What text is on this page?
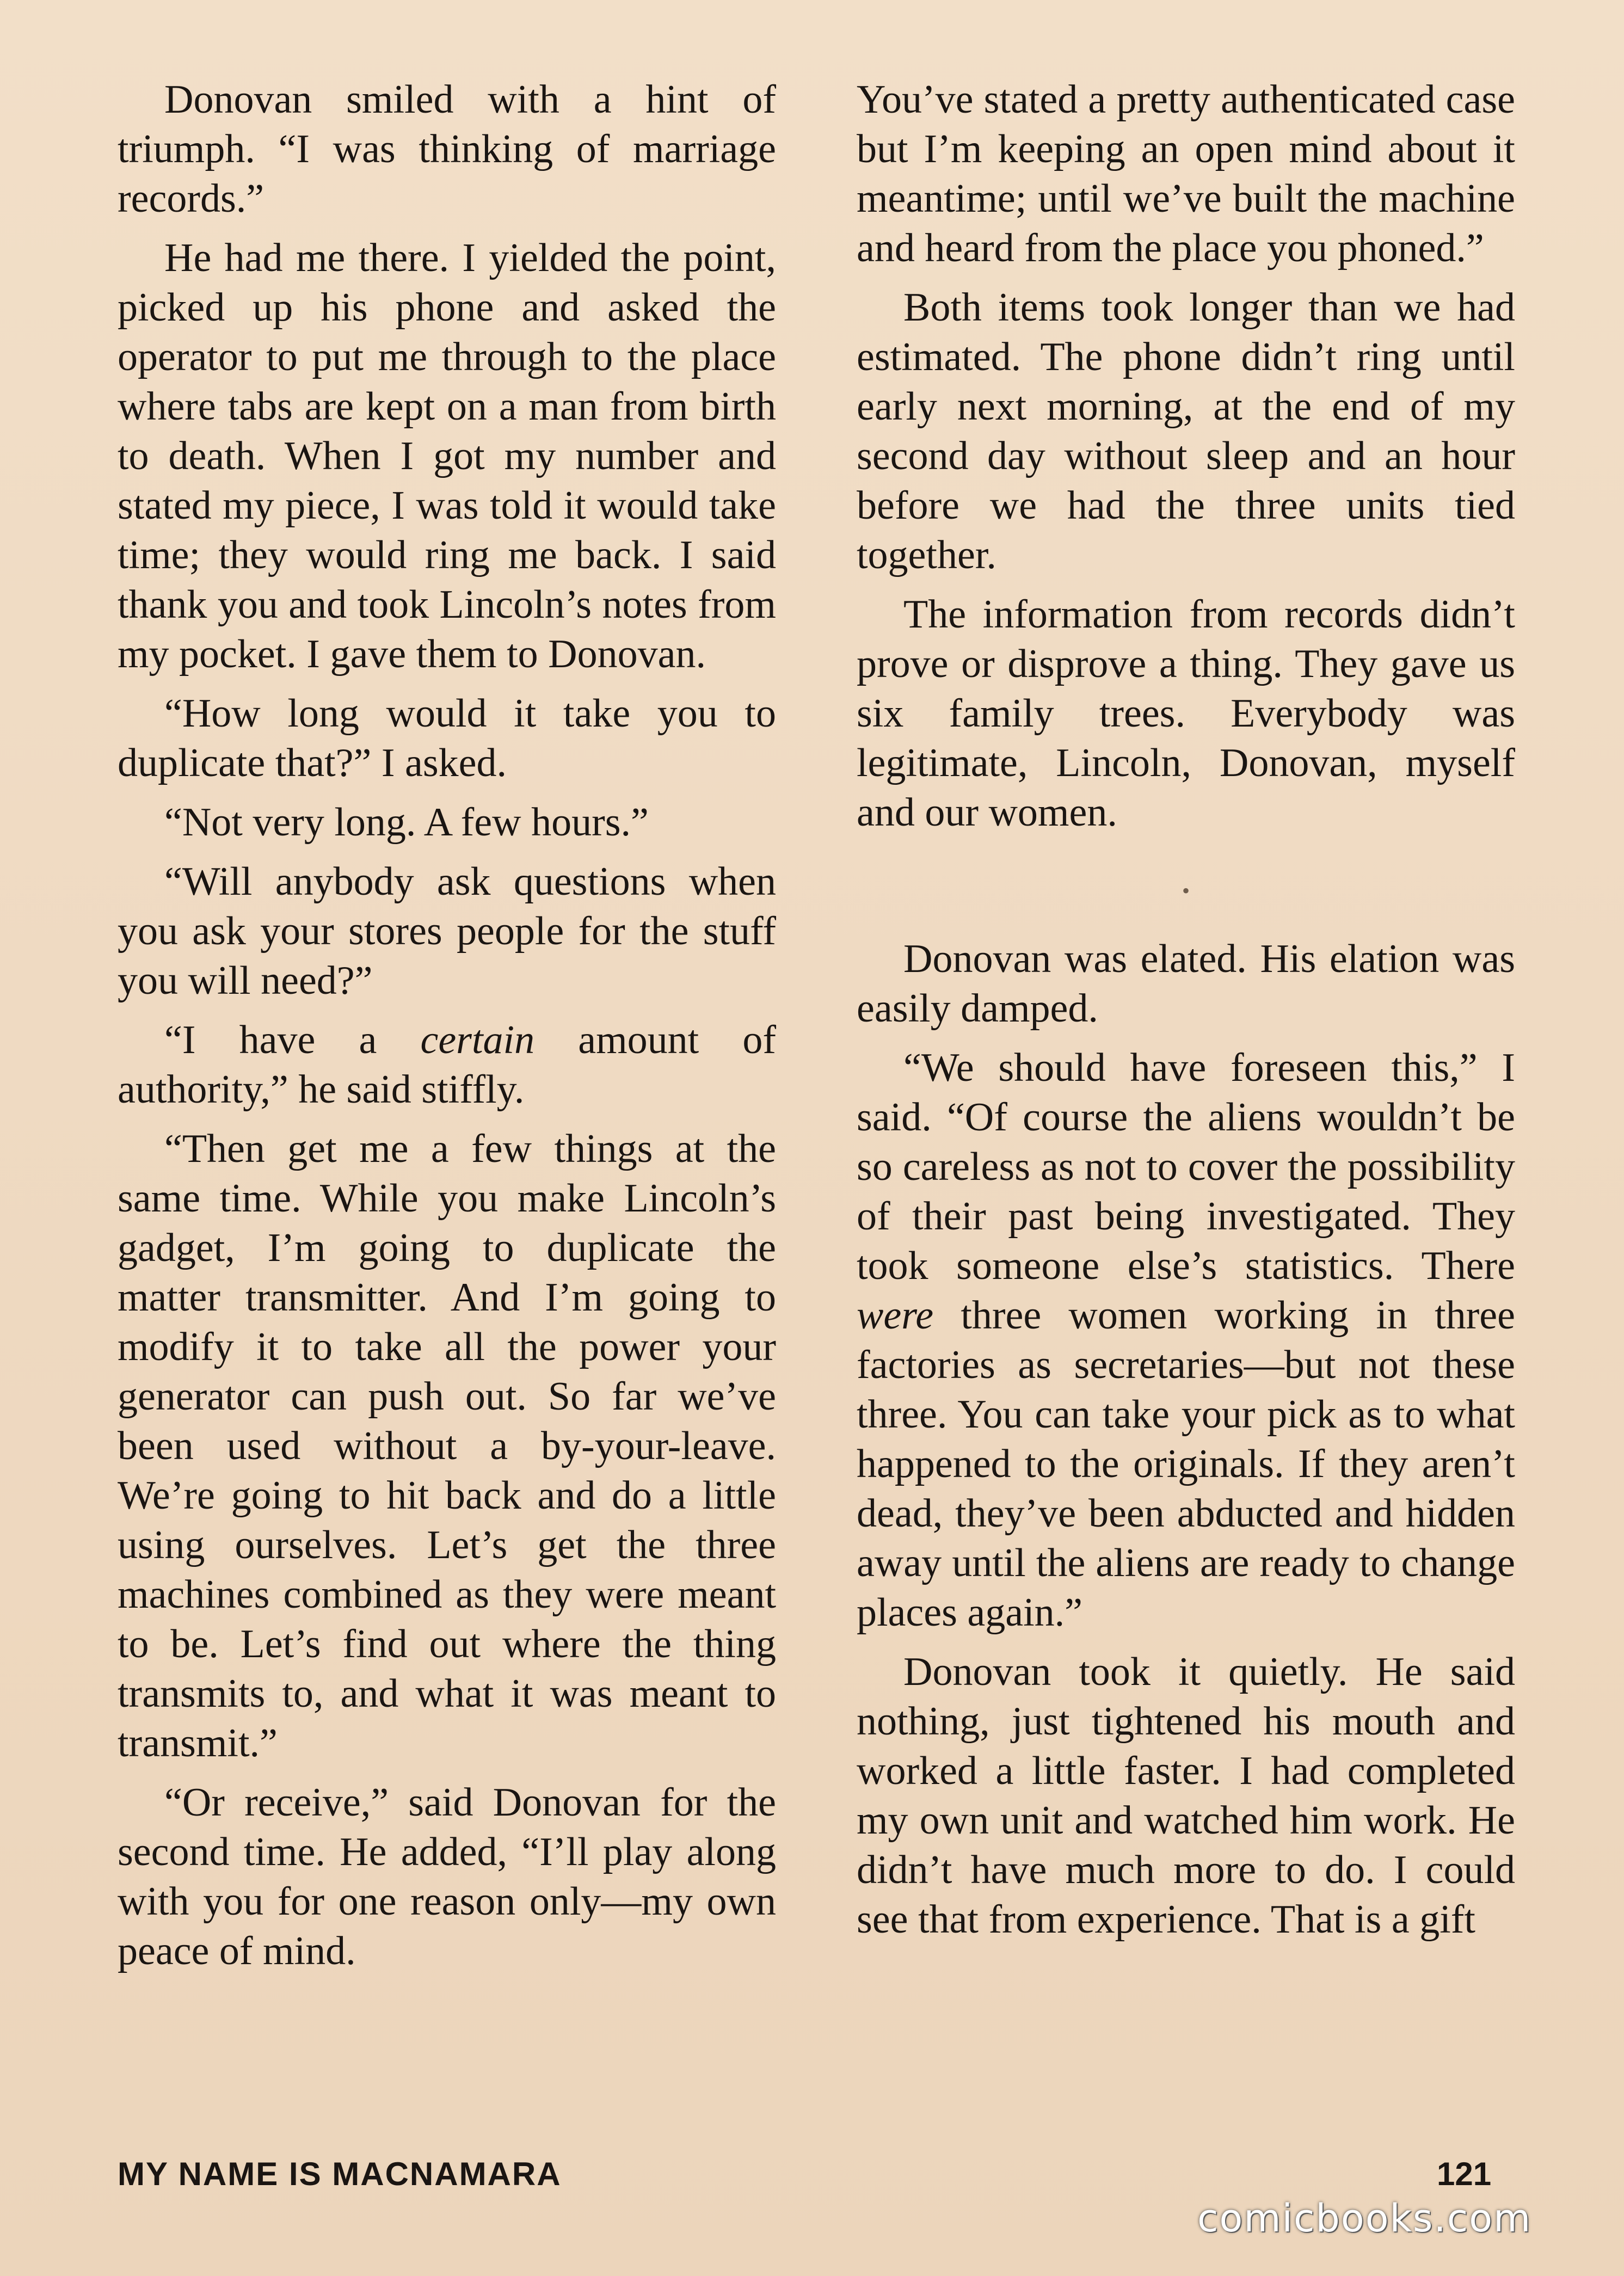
Donovan smiled with a hint of triumph. “I was thinking of marriage records.”

He had me there. I yielded the point, picked up his phone and asked the operator to put me through to the place where tabs are kept on a man from birth to death. When I got my number and stated my piece, I was told it would take time; they would ring me back. I said thank you and took Lincoln’s notes from my pocket. I gave them to Donovan.

“How long would it take you to duplicate that?” I asked.

“Not very long. A few hours.”

“Will anybody ask questions when you ask your stores people for the stuff you will need?”

“I have a certain amount of authority,” he said stiffly.

“Then get me a few things at the same time. While you make Lincoln’s gadget, I’m going to duplicate the matter transmitter. And I’m going to modify it to take all the power your generator can push out. So far we’ve been used without a by-your-leave. We’re going to hit back and do a little using ourselves. Let’s get the three machines combined as they were meant to be. Let’s find out where the thing transmits to, and what it was meant to transmit.”

“Or receive,” said Donovan for the second time. He added, “I’ll play along with you for one reason only—my own peace of mind.

You’ve stated a pretty authenticated case but I’m keeping an open mind about it meantime; until we’ve built the machine and heard from the place you phoned.”

Both items took longer than we had estimated. The phone didn’t ring until early next morning, at the end of my second day without sleep and an hour before we had the three units tied together.

The information from records didn’t prove or disprove a thing. They gave us six family trees. Everybody was legitimate, Lincoln, Donovan, myself and our women.

•

Donovan was elated. His elation was easily damped.

“We should have foreseen this,” I said. “Of course the aliens wouldn’t be so careless as not to cover the possibility of their past being investigated. They took someone else’s statistics. There were three women working in three factories as secretaries—but not these three. You can take your pick as to what happened to the originals. If they aren’t dead, they’ve been abducted and hidden away until the aliens are ready to change places again.”

Donovan took it quietly. He said nothing, just tightened his mouth and worked a little faster. I had completed my own unit and watched him work. He didn’t have much more to do. I could see that from experience. That is a gift

MY NAME IS MACNAMARA	121
comicbooks.com
